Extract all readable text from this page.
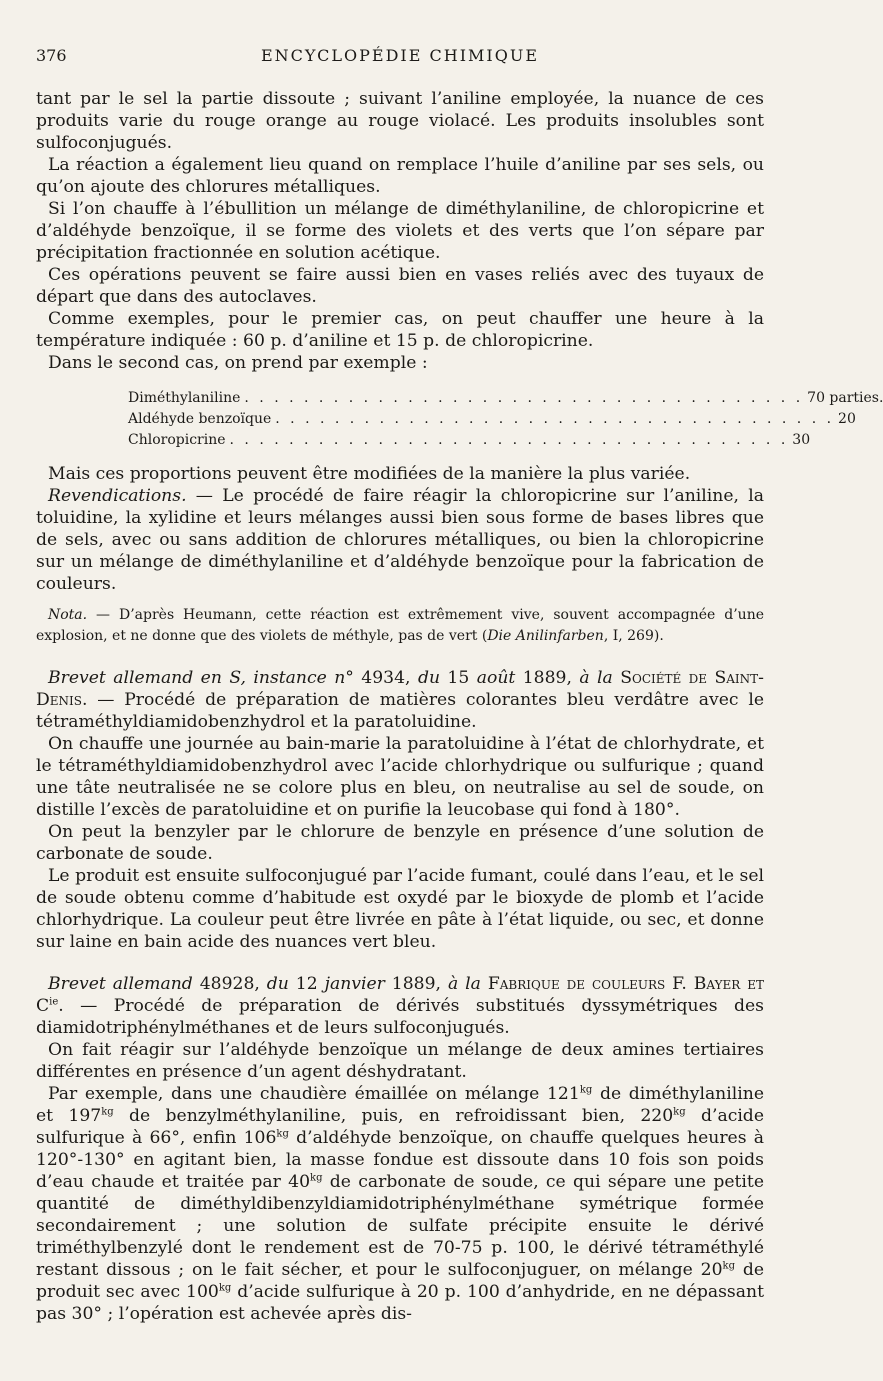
376	ENCYCLOPÉDIE CHIMIQUE

tant par le sel la partie dissoute ; suivant l’aniline employée, la nuance de ces produits varie du rouge orange au rouge violacé. Les produits insolubles sont sulfoconjugués.

La réaction a également lieu quand on remplace l’huile d’aniline par ses sels, ou qu’on ajoute des chlorures métalliques.

Si l’on chauffe à l’ébullition un mélange de diméthylaniline, de chloropicrine et d’aldéhyde benzoïque, il se forme des violets et des verts que l’on sépare par précipitation fractionnée en solution acétique.

Ces opérations peuvent se faire aussi bien en vases reliés avec des tuyaux de départ que dans des autoclaves.

Comme exemples, pour le premier cas, on peut chauffer une heure à la température indiquée : 60 p. d’aniline et 15 p. de chloropicrine.

Dans le second cas, on prend par exemple :

Diméthylaniline . . . . . . . . . . . . . . . . . . . . . . . . . . . . . . . . . . . . . . 70 parties.
Aldéhyde benzoïque . . . . . . . . . . . . . . . . . . . . . . . . . . . . . . . . . . . . . . 20
Chloropicrine . . . . . . . . . . . . . . . . . . . . . . . . . . . . . . . . . . . . . . 30

Mais ces proportions peuvent être modifiées de la manière la plus variée.

Revendications. — Le procédé de faire réagir la chloropicrine sur l’aniline, la toluidine, la xylidine et leurs mélanges aussi bien sous forme de bases libres que de sels, avec ou sans addition de chlorures métalliques, ou bien la chloropicrine sur un mélange de diméthylaniline et d’aldéhyde benzoïque pour la fabrication de couleurs.

Nota. — D’après Heumann, cette réaction est extrêmement vive, souvent accompagnée d’une explosion, et ne donne que des violets de méthyle, pas de vert (Die Anilinfarben, I, 269).

Brevet allemand en S, instance n° 4934, du 15 août 1889, à la Société de Saint-Denis. — Procédé de préparation de matières colorantes bleu verdâtre avec le tétraméthyldiamidobenzhydrol et la paratoluidine.

On chauffe une journée au bain-marie la paratoluidine à l’état de chlorhydrate, et le tétraméthyldiamidobenzhydrol avec l’acide chlorhydrique ou sulfurique ; quand une tâte neutralisée ne se colore plus en bleu, on neutralise au sel de soude, on distille l’excès de paratoluidine et on purifie la leucobase qui fond à 180°.

On peut la benzyler par le chlorure de benzyle en présence d’une solution de carbonate de soude.

Le produit est ensuite sulfoconjugué par l’acide fumant, coulé dans l’eau, et le sel de soude obtenu comme d’habitude est oxydé par le bioxyde de plomb et l’acide chlorhydrique. La couleur peut être livrée en pâte à l’état liquide, ou sec, et donne sur laine en bain acide des nuances vert bleu.

Brevet allemand 48928, du 12 janvier 1889, à la Fabrique de couleurs F. Bayer et $C^{ie}$. — Procédé de préparation de dérivés substitués dyssymétriques des diamidotriphénylméthanes et de leurs sulfoconjugués.

On fait réagir sur l’aldéhyde benzoïque un mélange de deux amines tertiaires différentes en présence d’un agent déshydratant.

Par exemple, dans une chaudière émaillée on mélange $121^{kg}$ de diméthylaniline et $197^{kg}$ de benzylméthylaniline, puis, en refroidissant bien, $220^{kg}$ d’acide sulfurique à 66°, enfin $106^{kg}$ d’aldéhyde benzoïque, on chauffe quelques heures à 120°-130° en agitant bien, la masse fondue est dissoute dans 10 fois son poids d’eau chaude et traitée par $40^{kg}$ de carbonate de soude, ce qui sépare une petite quantité de diméthyldibenzyldiamidotriphénylméthane symétrique formée secondairement ; une solution de sulfate précipite ensuite le dérivé triméthylbenzylé dont le rendement est de 70-75 p. 100, le dérivé tétraméthylé restant dissous ; on le fait sécher, et pour le sulfoconjuguer, on mélange $20^{kg}$ de produit sec avec $100^{kg}$ d’acide sulfurique à 20 p. 100 d’anhydride, en ne dépassant pas 30° ; l’opération est achevée après dis-
